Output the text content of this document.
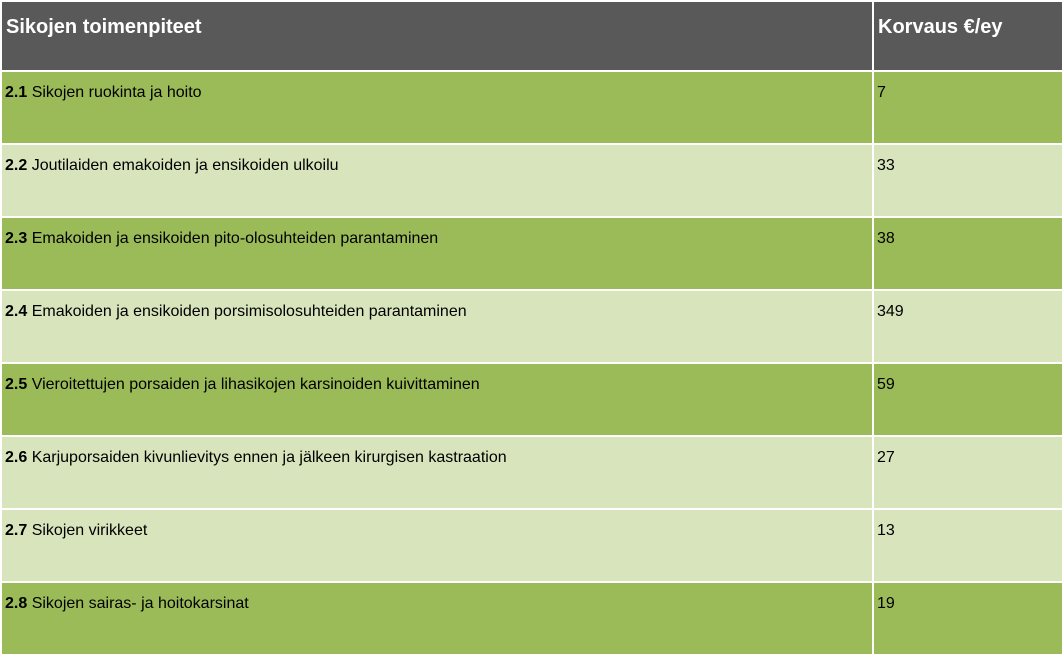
Sikojen toimenpiteet	Korvaus €/ey
2.1 Sikojen ruokinta ja hoito	7
2.2 Joutilaiden emakoiden ja ensikoiden ulkoilu	33
2.3 Emakoiden ja ensikoiden pito-olosuhteiden parantaminen	38
2.4 Emakoiden ja ensikoiden porsimisolosuhteiden parantaminen	349
2.5 Vieroitettujen porsaiden ja lihasikojen karsinoiden kuivittaminen	59
2.6 Karjuporsaiden kivunlievitys ennen ja jälkeen kirurgisen kastraation	27
2.7 Sikojen virikkeet	13
2.8 Sikojen sairas- ja hoitokarsinat	19
